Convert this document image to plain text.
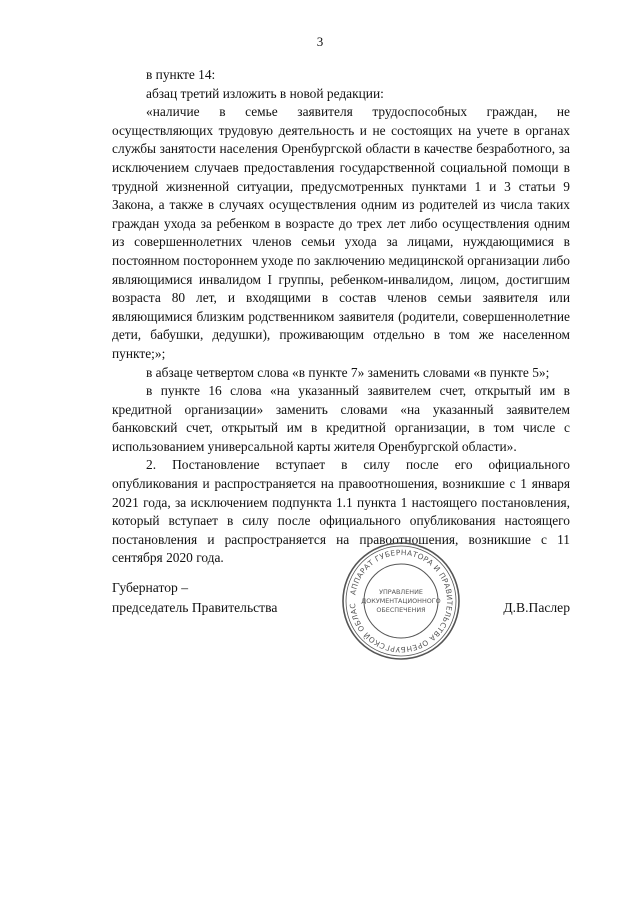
3

в пункте 14:

абзац третий изложить в новой редакции:

«наличие в семье заявителя трудоспособных граждан, не осуществляющих трудовую деятельность и не состоящих на учете в органах службы занятости населения Оренбургской области в качестве безработного, за исключением случаев предоставления государственной социальной помощи в трудной жизненной ситуации, предусмотренных пунктами 1 и 3 статьи 9 Закона, а также в случаях осуществления одним из родителей из числа таких граждан ухода за ребенком в возрасте до трех лет либо осуществления одним из совершеннолетних членов семьи ухода за лицами, нуждающимися в постоянном постороннем уходе по заключению медицинской организации либо являющимися инвалидом I группы, ребенком-инвалидом, лицом, достигшим возраста 80 лет, и входящими в состав членов семьи заявителя или являющимися близким родственником заявителя (родители, совершеннолетние дети, бабушки, дедушки), проживающим отдельно в том же населенном пункте;»;

в абзаце четвертом слова «в пункте 7» заменить словами «в пункте 5»;

в пункте 16 слова «на указанный заявителем счет, открытый им в кредитной организации» заменить словами «на указанный заявителем банковский счет, открытый им в кредитной организации, в том числе с использованием универсальной карты жителя Оренбургской области».

2. Постановление вступает в силу после его официального опубликования и распространяется на правоотношения, возникшие с 1 января 2021 года, за исключением подпункта 1.1 пункта 1 настоящего постановления, который вступает в силу после официального опубликования настоящего постановления и распространяется на правоотношения, возникшие с 11 сентября 2020 года.

Губернатор –
председатель Правительства	Д.В.Паслер
АППАРАТ ГУБЕРНАТОРА И ПРАВИТЕЛЬСТВА ОРЕНБУРГСКОЙ ОБЛАС
УПРАВЛЕНИЕ
ДОКУМЕНТАЦИОННОГО
ОБЕСПЕЧЕНИЯ
